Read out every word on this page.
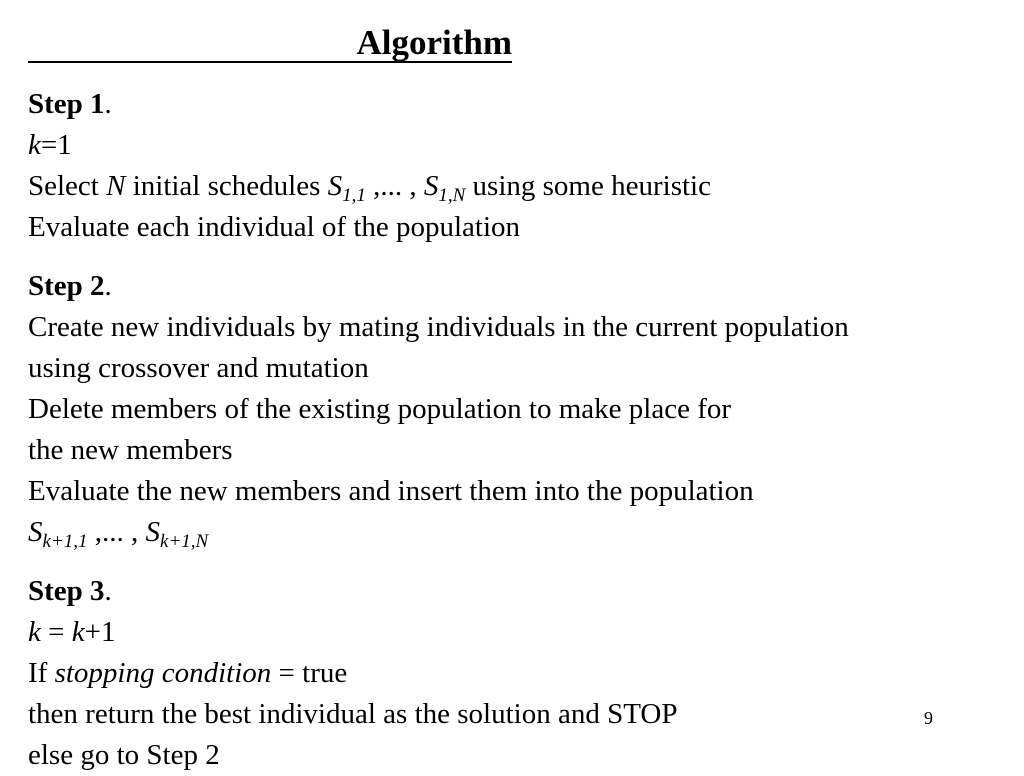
Algorithm
Step 1.
k=1
Select N initial schedules $S_{1,1}$ ,... , $S_{1,N}$ using some heuristic
Evaluate each individual of the population
Step 2.
Create new individuals by mating individuals in the current population
using crossover and mutation
Delete members of the existing population to make place for
the new members
Evaluate the new members and insert them into the population
$S_{k+1,1}$ ,... , $S_{k+1,N}$
Step 3.
k = k+1
If stopping condition = true
then return the best individual as the solution and STOP
else go to Step 2
9
